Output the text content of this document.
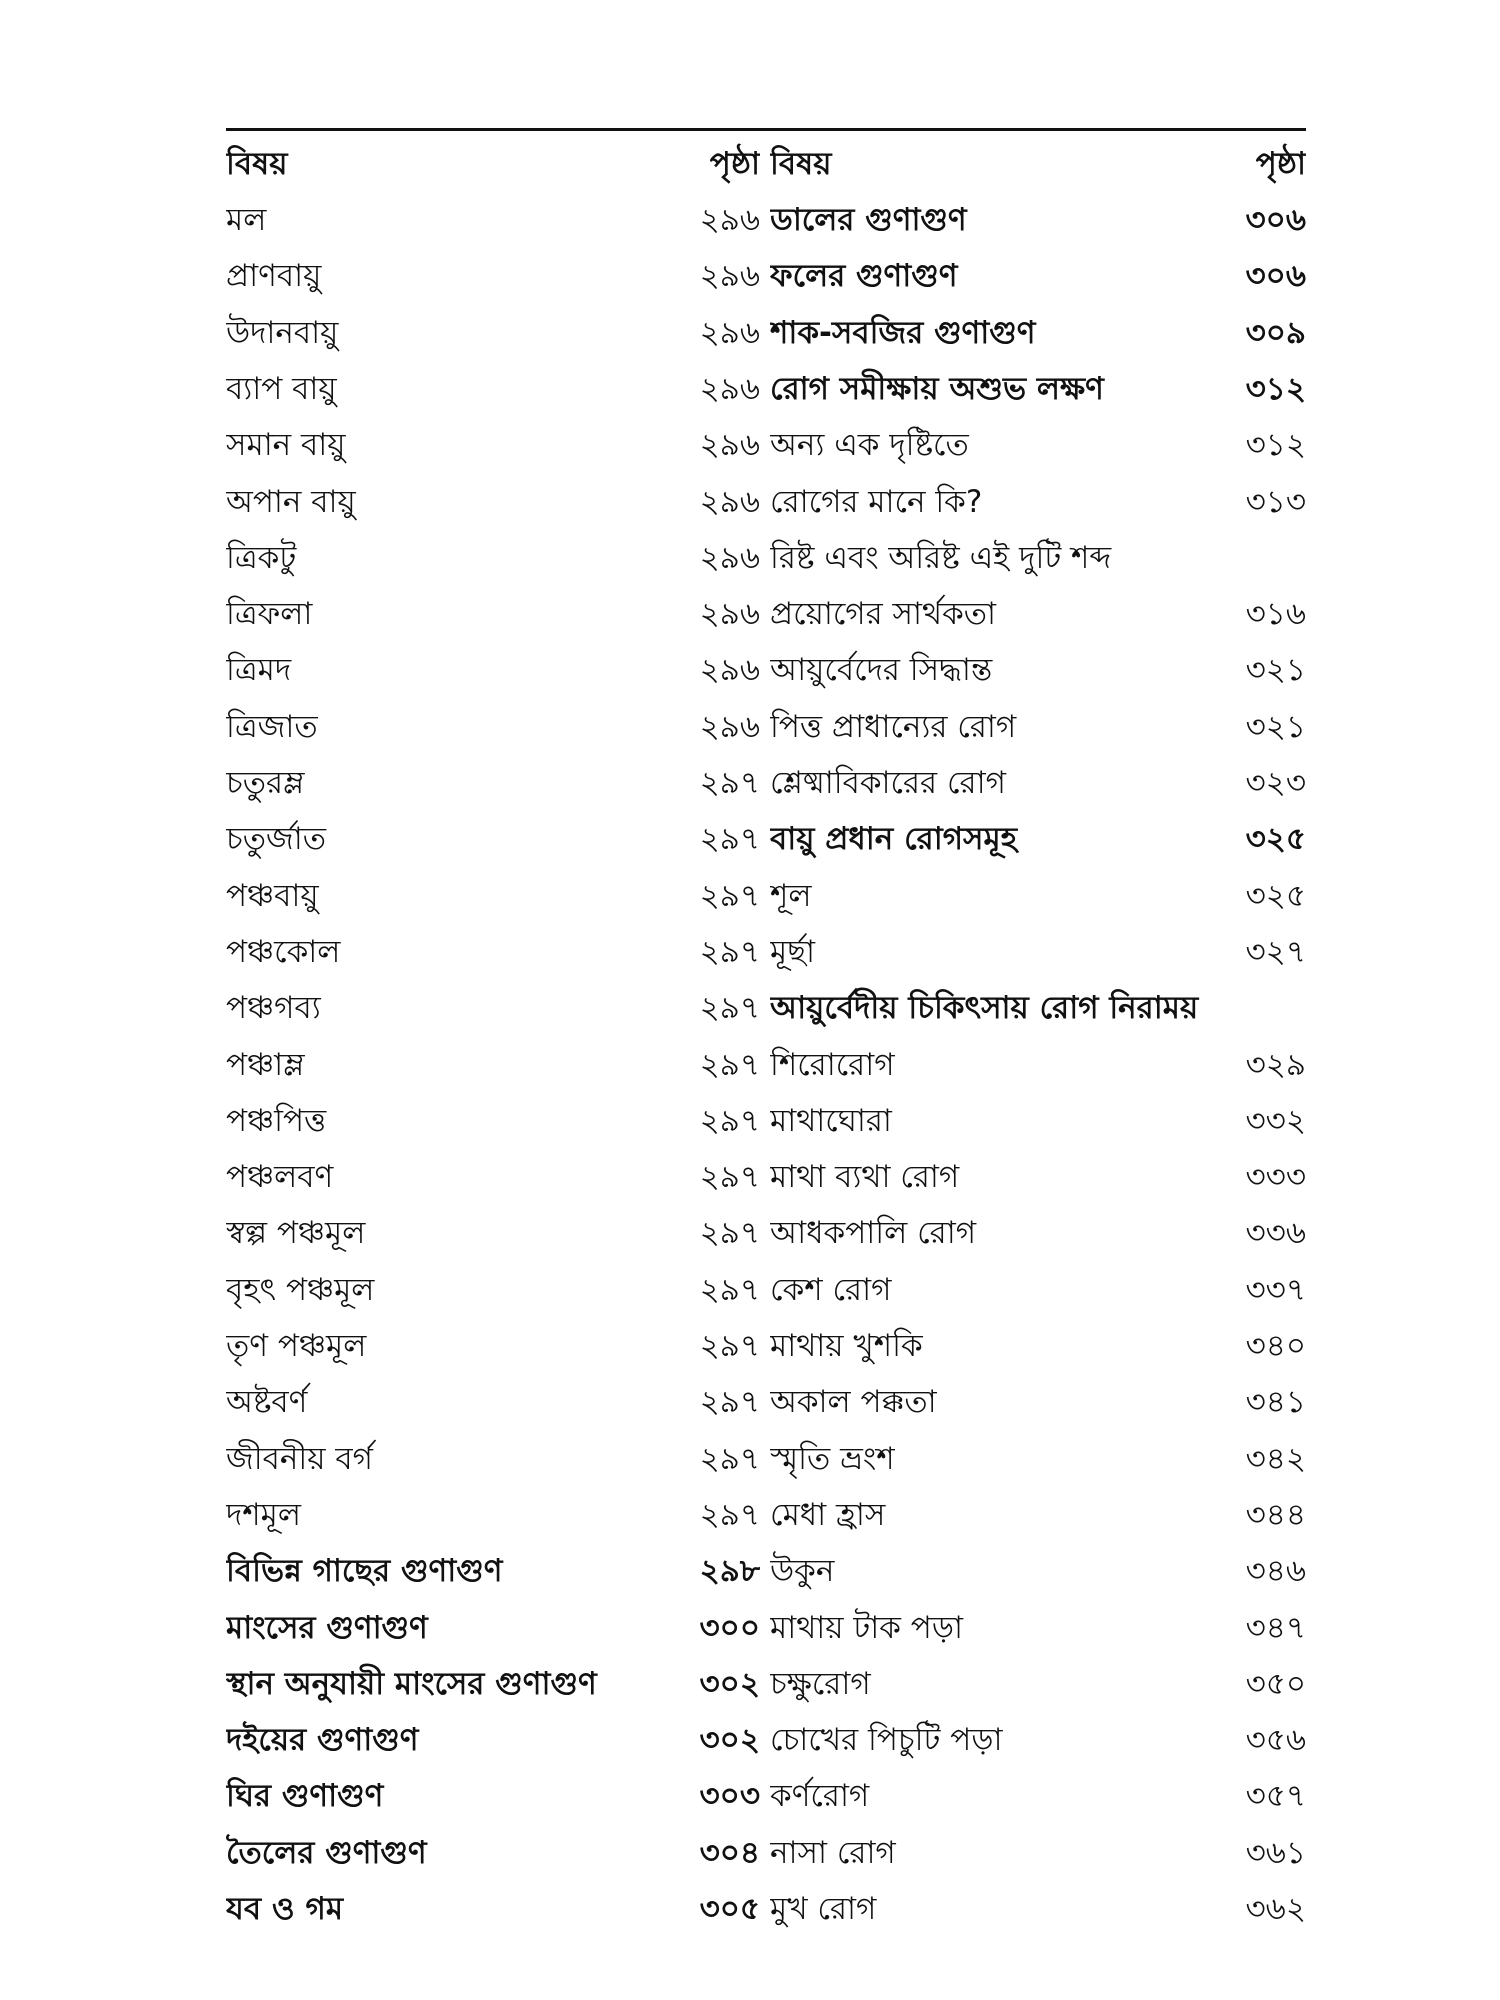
বিষয়	পৃষ্ঠা বিষয়	পৃষ্ঠা
মল	২৯৬ ডালের গুণাগুণ	৩০৬
প্রাণবায়ু	২৯৬ ফলের গুণাগুণ	৩০৬
উদানবায়ু	২৯৬ শাক-সবজির গুণাগুণ	৩০৯
ব্যাপ বায়ু	২৯৬ রোগ সমীক্ষায় অশুভ লক্ষণ	৩১২
সমান বায়ু	২৯৬ অন্য এক দৃষ্টিতে	৩১২
অপান বায়ু	২৯৬ রোগের মানে কি?	৩১৩
ত্রিকটু	২৯৬ রিষ্ট এবং অরিষ্ট এই দুটি শব্দ
ত্রিফলা	২৯৬ প্রয়োগের সার্থকতা	৩১৬
ত্রিমদ	২৯৬ আয়ুর্বেদের সিদ্ধান্ত	৩২১
ত্রিজাত	২৯৬ পিত্ত প্রাধান্যের রোগ	৩২১
চতুরম্ল	২৯৭ শ্লেষ্মাবিকারের রোগ	৩২৩
চতুর্জাত	২৯৭ বায়ু প্রধান রোগসমূহ	৩২৫
পঞ্চবায়ু	২৯৭ শূল	৩২৫
পঞ্চকোল	২৯৭ মূর্ছা	৩২৭
পঞ্চগব্য	২৯৭ আয়ুর্বেদীয় চিকিৎসায় রোগ নিরাময়
পঞ্চাম্ল	২৯৭ শিরোরোগ	৩২৯
পঞ্চপিত্ত	২৯৭ মাথাঘোরা	৩৩২
পঞ্চলবণ	২৯৭ মাথা ব্যথা রোগ	৩৩৩
স্বল্প পঞ্চমূল	২৯৭ আধকপালি রোগ	৩৩৬
বৃহৎ পঞ্চমূল	২৯৭ কেশ রোগ	৩৩৭
তৃণ পঞ্চমূল	২৯৭ মাথায় খুশকি	৩৪০
অষ্টবর্ণ	২৯৭ অকাল পক্কতা	৩৪১
জীবনীয় বর্গ	২৯৭ স্মৃতি ভ্রংশ	৩৪২
দশমূল	২৯৭ মেধা হ্রাস	৩৪৪
বিভিন্ন গাছের গুণাগুণ	২৯৮ উকুন	৩৪৬
মাংসের গুণাগুণ	৩০০ মাথায় টাক পড়া	৩৪৭
স্থান অনুযায়ী মাংসের গুণাগুণ	৩০২ চক্ষুরোগ	৩৫০
দইয়ের গুণাগুণ	৩০২ চোখের পিচুটি পড়া	৩৫৬
ঘির গুণাগুণ	৩০৩ কর্ণরোগ	৩৫৭
তৈলের গুণাগুণ	৩০৪ নাসা রোগ	৩৬১
যব ও গম	৩০৫ মুখ রোগ	৩৬২
